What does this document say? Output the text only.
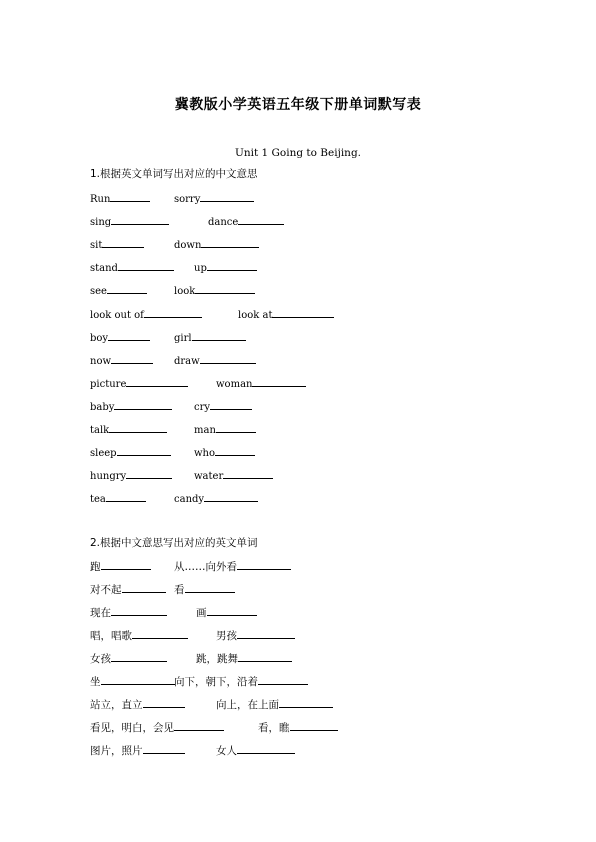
冀教版小学英语五年级下册单词默写表
Unit 1 Going to Beijing.
1.根据英文单词写出对应的中文意思
Run	sorry
sing	dance
sit	down
stand	up
see	look
look out of	look at
boy	girl
now	draw
picture	woman
baby	cry
talk	man
sleep	who
hungry	water
tea	candy
2.根据中文意思写出对应的英文单词
跑	从……向外看
对不起	看
现在	画
唱，唱歌	男孩
女孩	跳，跳舞
坐	向下，朝下，沿着
站立，直立	向上，在上面
看见，明白，会见	看，瞧
图片，照片	女人
